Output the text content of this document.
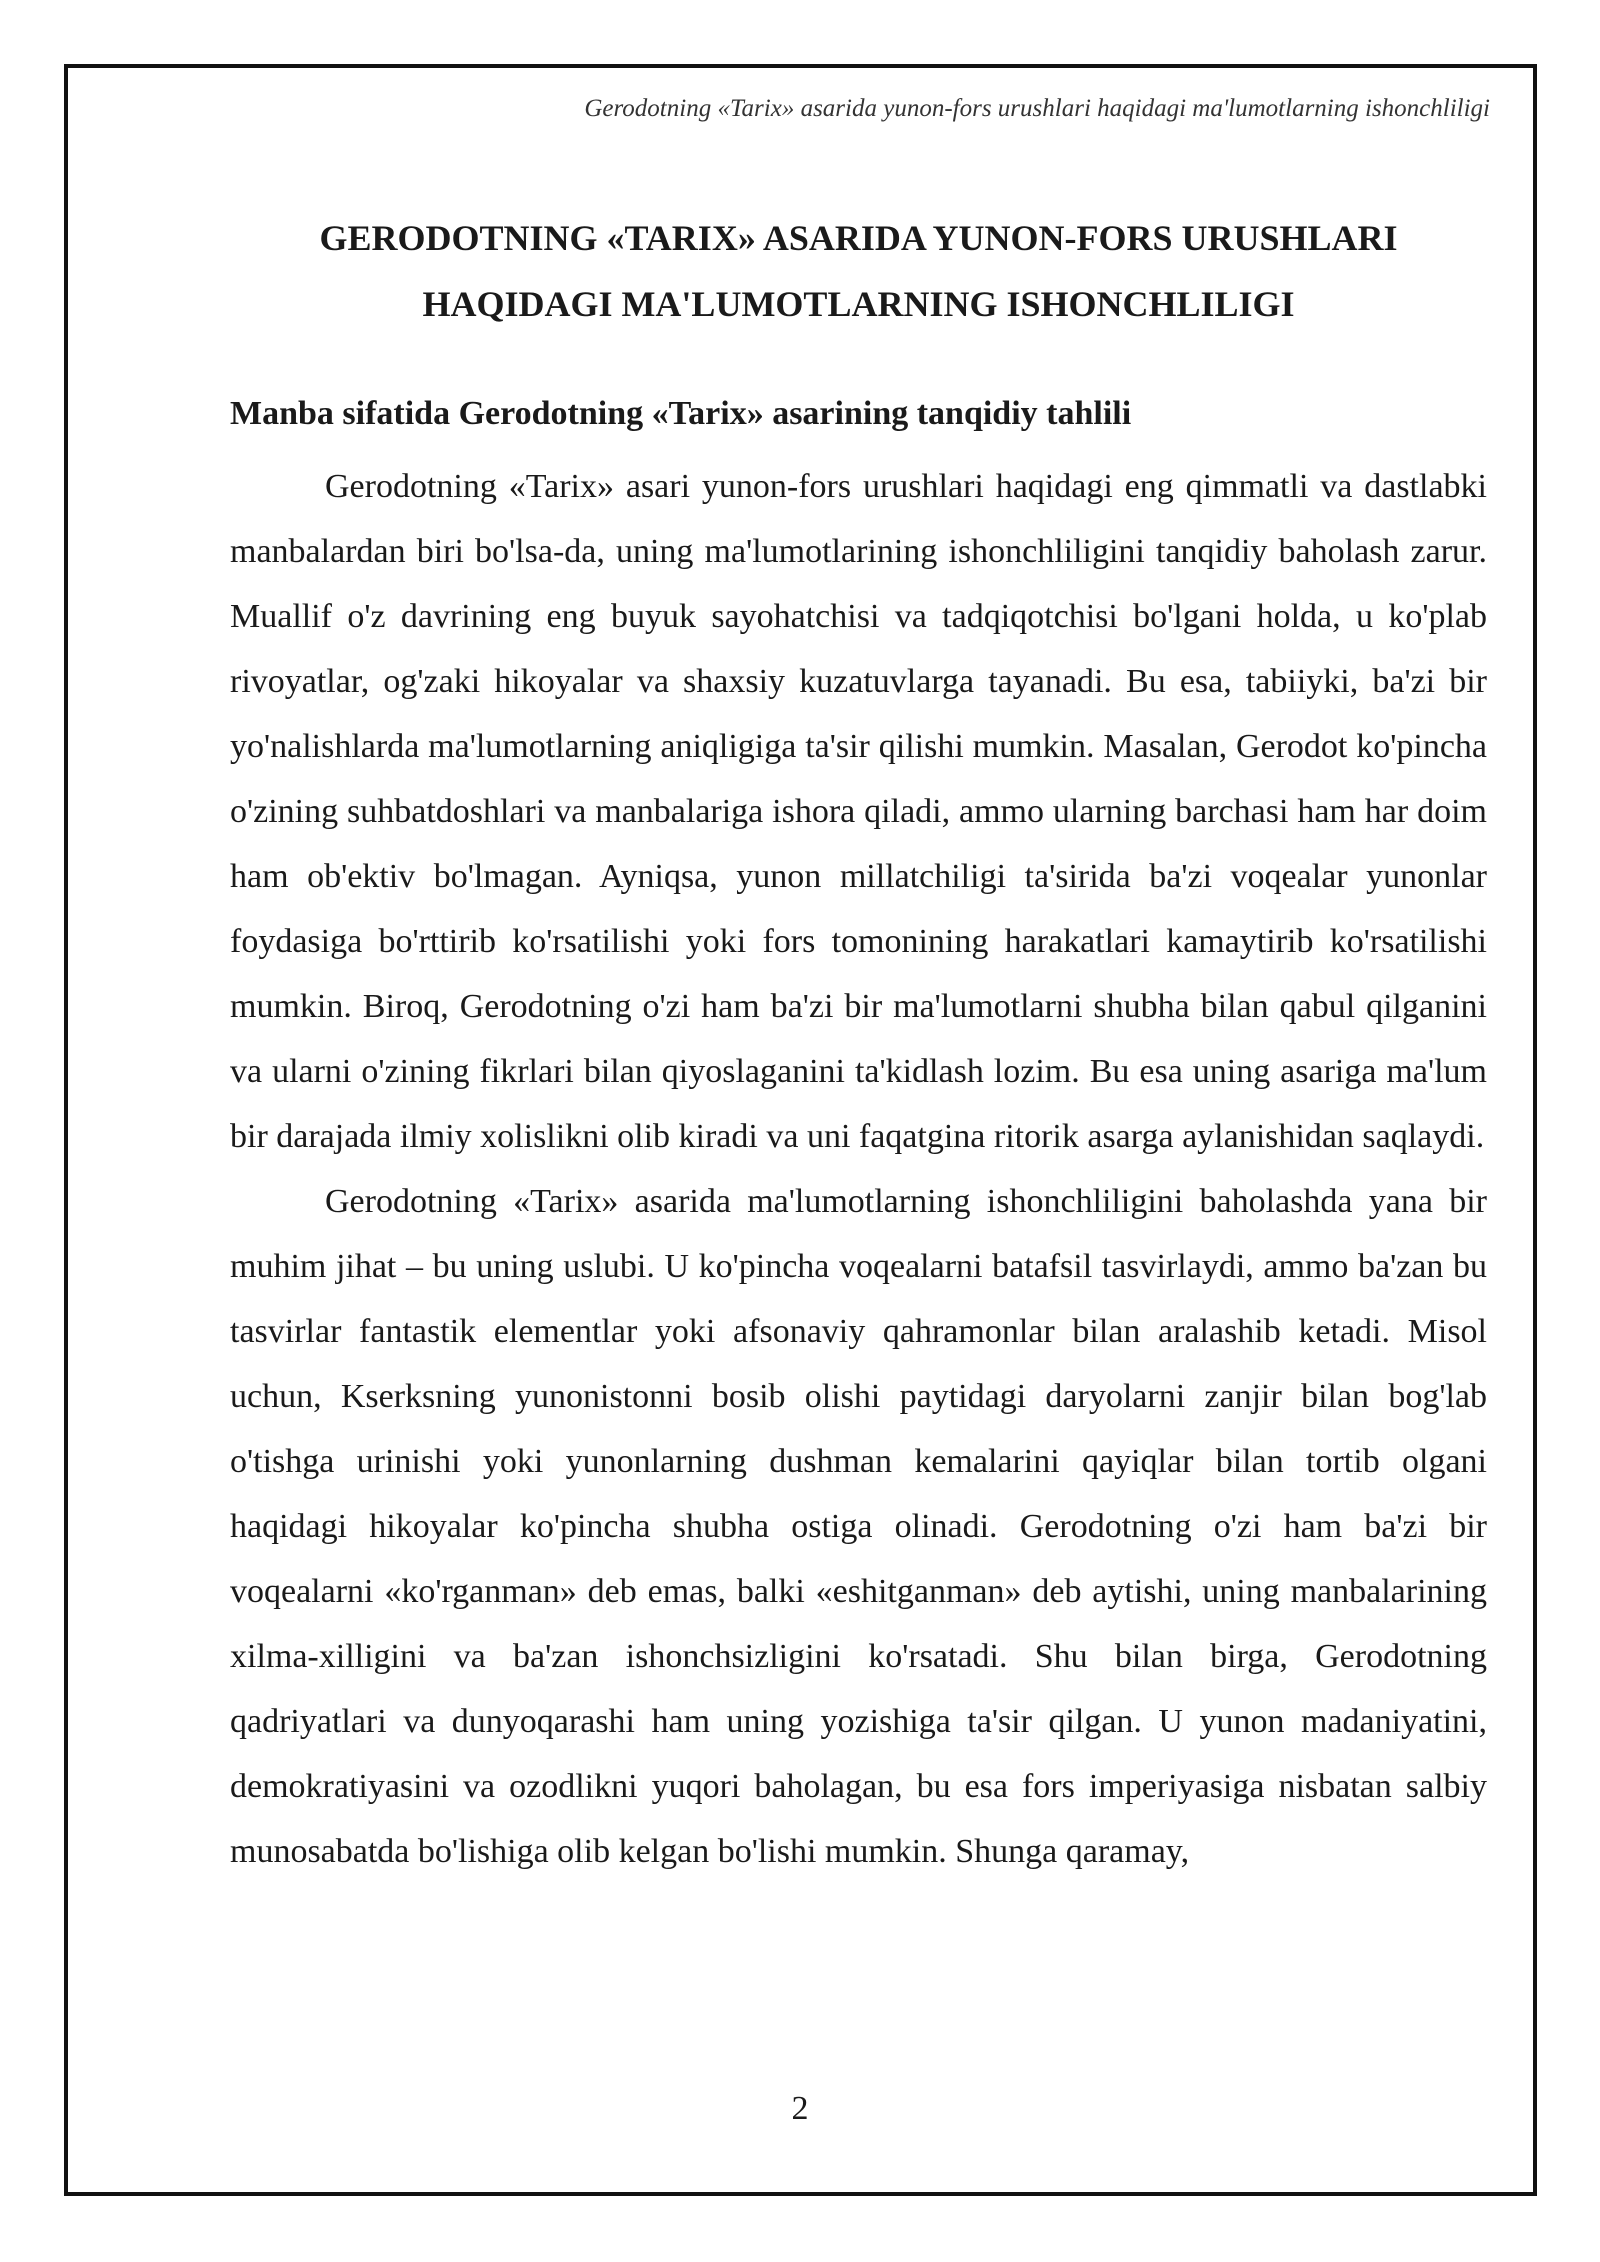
Gerodotning «Tarix» asarida yunon-fors urushlari haqidagi ma'lumotlarning ishonchliligi
GERODOTNING «TARIX» ASARIDA YUNON-FORS URUSHLARI
HAQIDAGI MA'LUMOTLARNING ISHONCHLILIGI
Manba sifatida Gerodotning «Tarix» asarining tanqidiy tahlili

Gerodotning «Tarix» asari yunon-fors urushlari haqidagi eng qimmatli va dastlabki manbalardan biri bo'lsa-da, uning ma'lumotlarining ishonchliligini tanqidiy baholash zarur. Muallif o'z davrining eng buyuk sayohatchisi va tadqiqotchisi bo'lgani holda, u ko'plab rivoyatlar, og'zaki hikoyalar va shaxsiy kuzatuvlarga tayanadi. Bu esa, tabiiyki, ba'zi bir yo'nalishlarda ma'lumotlarning aniqligiga ta'sir qilishi mumkin. Masalan, Gerodot ko'pincha o'zining suhbatdoshlari va manbalariga ishora qiladi, ammo ularning barchasi ham har doim ham ob'ektiv bo'lmagan. Ayniqsa, yunon millatchiligi ta'sirida ba'zi voqealar yunonlar foydasiga bo'rttirib ko'rsatilishi yoki fors tomonining harakatlari kamaytirib ko'rsatilishi mumkin. Biroq, Gerodotning o'zi ham ba'zi bir ma'lumotlarni shubha bilan qabul qilganini va ularni o'zining fikrlari bilan qiyoslaganini ta'kidlash lozim. Bu esa uning asariga ma'lum bir darajada ilmiy xolislikni olib kiradi va uni faqatgina ritorik asarga aylanishidan saqlaydi.

Gerodotning «Tarix» asarida ma'lumotlarning ishonchliligini baholashda yana bir muhim jihat – bu uning uslubi. U ko'pincha voqealarni batafsil tasvirlaydi, ammo ba'zan bu tasvirlar fantastik elementlar yoki afsonaviy qahramonlar bilan aralashib ketadi. Misol uchun, Kserksning yunonistonni bosib olishi paytidagi daryolarni zanjir bilan bog'lab o'tishga urinishi yoki yunonlarning dushman kemalarini qayiqlar bilan tortib olgani haqidagi hikoyalar ko'pincha shubha ostiga olinadi. Gerodotning o'zi ham ba'zi bir voqealarni «ko'rganman» deb emas, balki «eshitganman» deb aytishi, uning manbalarining xilma-xilligini va ba'zan ishonchsizligini ko'rsatadi. Shu bilan birga, Gerodotning qadriyatlari va dunyoqarashi ham uning yozishiga ta'sir qilgan. U yunon madaniyatini, demokratiyasini va ozodlikni yuqori baholagan, bu esa fors imperiyasiga nisbatan salbiy munosabatda bo'lishiga olib kelgan bo'lishi mumkin. Shunga qaramay,

2
